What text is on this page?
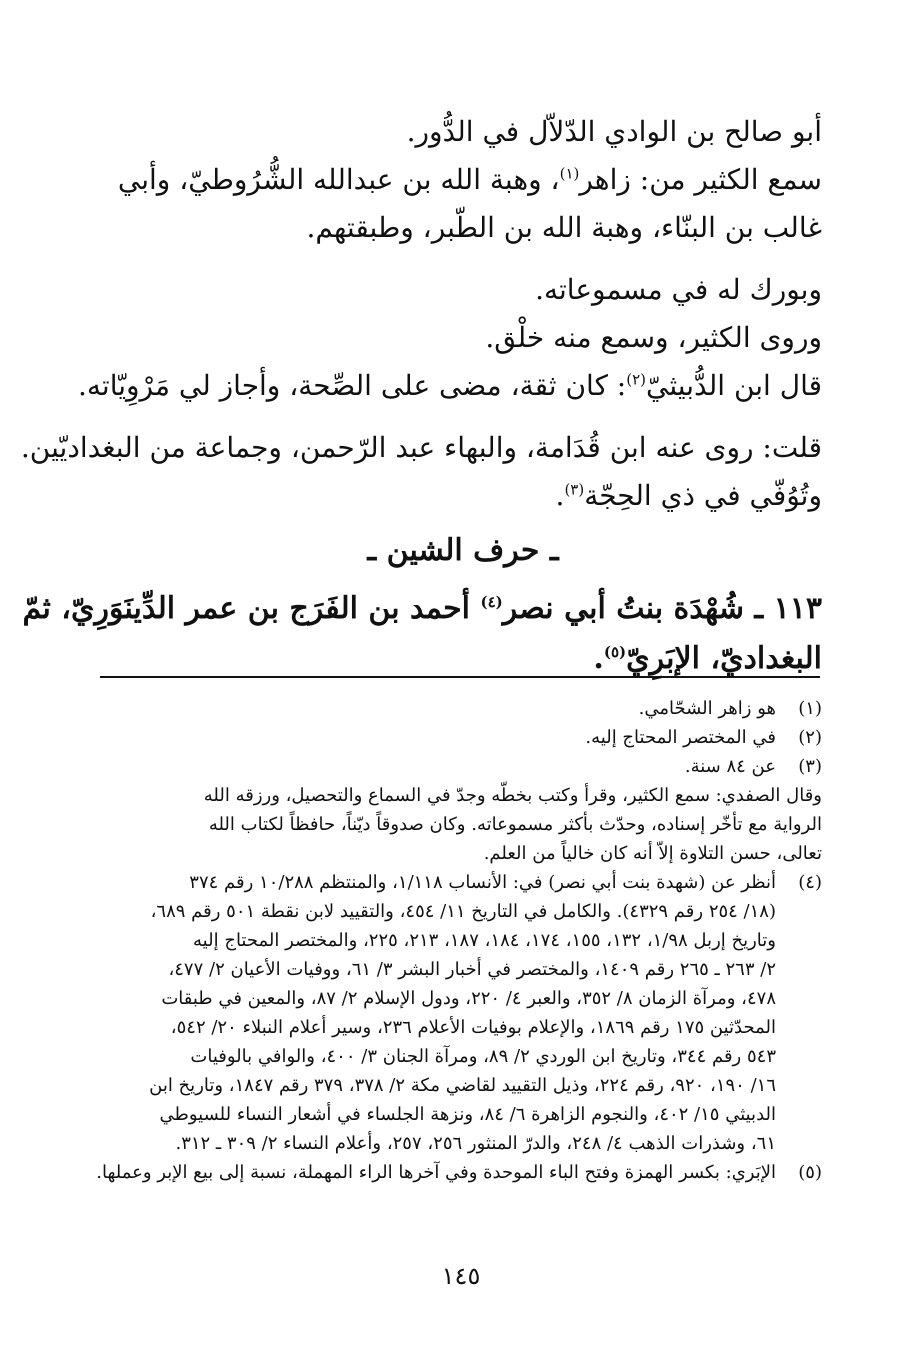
أبو صالح بن الوادي الدّلاّل في الدُّور.

سمع الكثير من: زاهر$^{(١)}$، وهبة الله بن عبدالله الشُّرُوطيّ، وأبي

غالب بن البنّاء، وهبة الله بن الطّبر، وطبقتهم.

وبورك له في مسموعاته.

وروى الكثير، وسمع منه خلْق.

قال ابن الدُّبيثيّ$^{(٢)}$: كان ثقة، مضى على الصِّحة، وأجاز لي مَرْوِيّاته.

قلت: روى عنه ابن قُدَامة، والبهاء عبد الرّحمن، وجماعة من البغداديّين.

وتُوُفّي في ذي الحِجّة$^{(٣)}$.

ـ حرف الشين ـ

١١٣ ـ شُهْدَة بنتُ أبي نصر$^{(٤)}$ أحمد بن الفَرَج بن عمر الدِّينَوَرِيّ، ثمّ

البغداديّ، الإبَرِيّ$^{(٥)}$.

(١)
هو زاهر الشحّامي.
(٢)
في المختصر المحتاج إليه.
(٣)
عن ٨٤ سنة.
وقال الصفدي: سمع الكثير، وقرأ وكتب بخطّه وجدّ في السماع والتحصيل، ورزقه الله
الرواية مع تأخّر إسناده، وحدّث بأكثر مسموعاته. وكان صدوقاً ديّناً، حافظاً لكتاب الله
تعالى، حسن التلاوة إلاّ أنه كان خالياً من العلم.
(٤)
أنظر عن (شهدة بنت أبي نصر) في: الأنساب ١/١١٨، والمنتظم ١٠/٢٨٨ رقم ٣٧٤
(١٨/ ٢٥٤ رقم ٤٣٢٩). والكامل في التاريخ ١١/ ٤٥٤، والتقييد لابن نقطة ٥٠١ رقم ٦٨٩،
وتاريخ إربل ١/٩٨، ١٣٢، ١٥٥، ١٧٤، ١٨٤، ١٨٧، ٢١٣، ٢٢٥، والمختصر المحتاج إليه
٢/ ٢٦٣ ـ ٢٦٥ رقم ١٤٠٩، والمختصر في أخبار البشر ٣/ ٦١، ووفيات الأعيان ٢/ ٤٧٧،
٤٧٨، ومرآة الزمان ٨/ ٣٥٢، والعبر ٤/ ٢٢٠، ودول الإسلام ٢/ ٨٧، والمعين في طبقات
المحدّثين ١٧٥ رقم ١٨٦٩، والإعلام بوفيات الأعلام ٢٣٦، وسير أعلام النبلاء ٢٠/ ٥٤٢،
٥٤٣ رقم ٣٤٤، وتاريخ ابن الوردي ٢/ ٨٩، ومرآة الجنان ٣/ ٤٠٠، والوافي بالوفيات
١٦/ ١٩٠، ٩٢٠، رقم ٢٢٤، وذيل التقييد لقاضي مكة ٢/ ٣٧٨، ٣٧٩ رقم ١٨٤٧، وتاريخ ابن
الدبيثي ١٥/ ٤٠٢، والنجوم الزاهرة ٦/ ٨٤، ونزهة الجلساء في أشعار النساء للسيوطي
٦١، وشذرات الذهب ٤/ ٢٤٨، والدرّ المنثور ٢٥٦، ٢٥٧، وأعلام النساء ٢/ ٣٠٩ ـ ٣١٢.
(٥)
الإبَري: بكسر الهمزة وفتح الباء الموحدة وفي آخرها الراء المهملة، نسبة إلى بيع الإبر وعملها.
١٤٥
